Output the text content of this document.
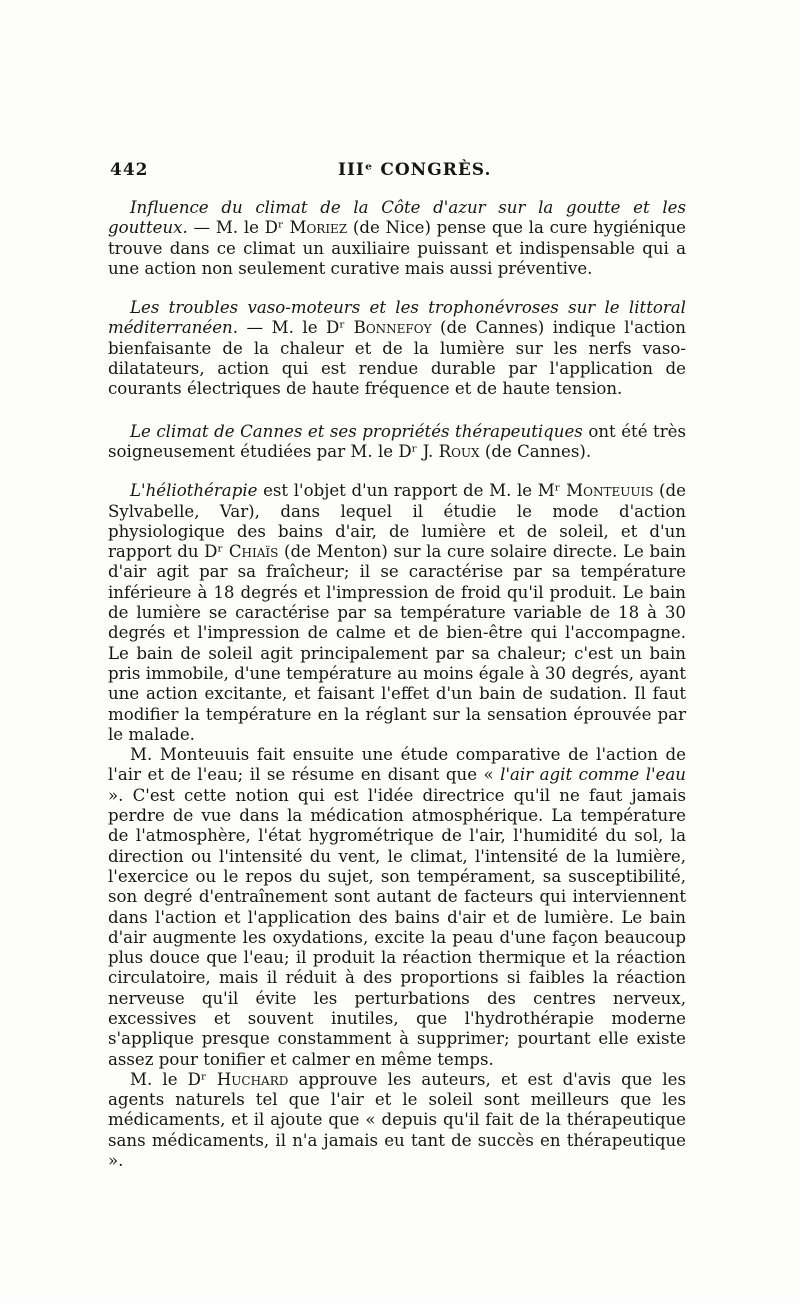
442	IIIᵉ CONGRÈS.

Influence du climat de la Côte d'azur sur la goutte et les goutteux. — M. le Dʳ Moriez (de Nice) pense que la cure hygiénique trouve dans ce climat un auxiliaire puissant et indispensable qui a une action non seulement curative mais aussi préventive.

Les troubles vaso-moteurs et les trophonévroses sur le littoral méditerranéen. — M. le Dʳ Bonnefoy (de Cannes) indique l'action bienfaisante de la chaleur et de la lumière sur les nerfs vaso-dilatateurs, action qui est rendue durable par l'application de courants électriques de haute fréquence et de haute tension.

Le climat de Cannes et ses propriétés thérapeutiques ont été très soigneusement étudiées par M. le Dʳ J. Roux (de Cannes).

L'héliothérapie est l'objet d'un rapport de M. le Mʳ Monteuuis (de Sylvabelle, Var), dans lequel il étudie le mode d'action physiologique des bains d'air, de lumière et de soleil, et d'un rapport du Dʳ Chiaïs (de Menton) sur la cure solaire directe. Le bain d'air agit par sa fraîcheur; il se caractérise par sa température inférieure à 18 degrés et l'impression de froid qu'il produit. Le bain de lumière se caractérise par sa température variable de 18 à 30 degrés et l'impression de calme et de bien-être qui l'accompagne. Le bain de soleil agit principalement par sa chaleur; c'est un bain pris immobile, d'une température au moins égale à 30 degrés, ayant une action excitante, et faisant l'effet d'un bain de sudation. Il faut modifier la température en la réglant sur la sensation éprouvée par le malade.

M. Monteuuis fait ensuite une étude comparative de l'action de l'air et de l'eau; il se résume en disant que « l'air agit comme l'eau ». C'est cette notion qui est l'idée directrice qu'il ne faut jamais perdre de vue dans la médication atmosphérique. La température de l'atmosphère, l'état hygrométrique de l'air, l'humidité du sol, la direction ou l'intensité du vent, le climat, l'intensité de la lumière, l'exercice ou le repos du sujet, son tempérament, sa susceptibilité, son degré d'entraînement sont autant de facteurs qui interviennent dans l'action et l'application des bains d'air et de lumière. Le bain d'air augmente les oxydations, excite la peau d'une façon beaucoup plus douce que l'eau; il produit la réaction thermique et la réaction circulatoire, mais il réduit à des proportions si faibles la réaction nerveuse qu'il évite les perturbations des centres nerveux, excessives et souvent inutiles, que l'hydrothérapie moderne s'applique presque constamment à supprimer; pourtant elle existe assez pour tonifier et calmer en même temps.

M. le Dʳ Huchard approuve les auteurs, et est d'avis que les agents naturels tel que l'air et le soleil sont meilleurs que les médicaments, et il ajoute que « depuis qu'il fait de la thérapeutique sans médicaments, il n'a jamais eu tant de succès en thérapeutique ».
